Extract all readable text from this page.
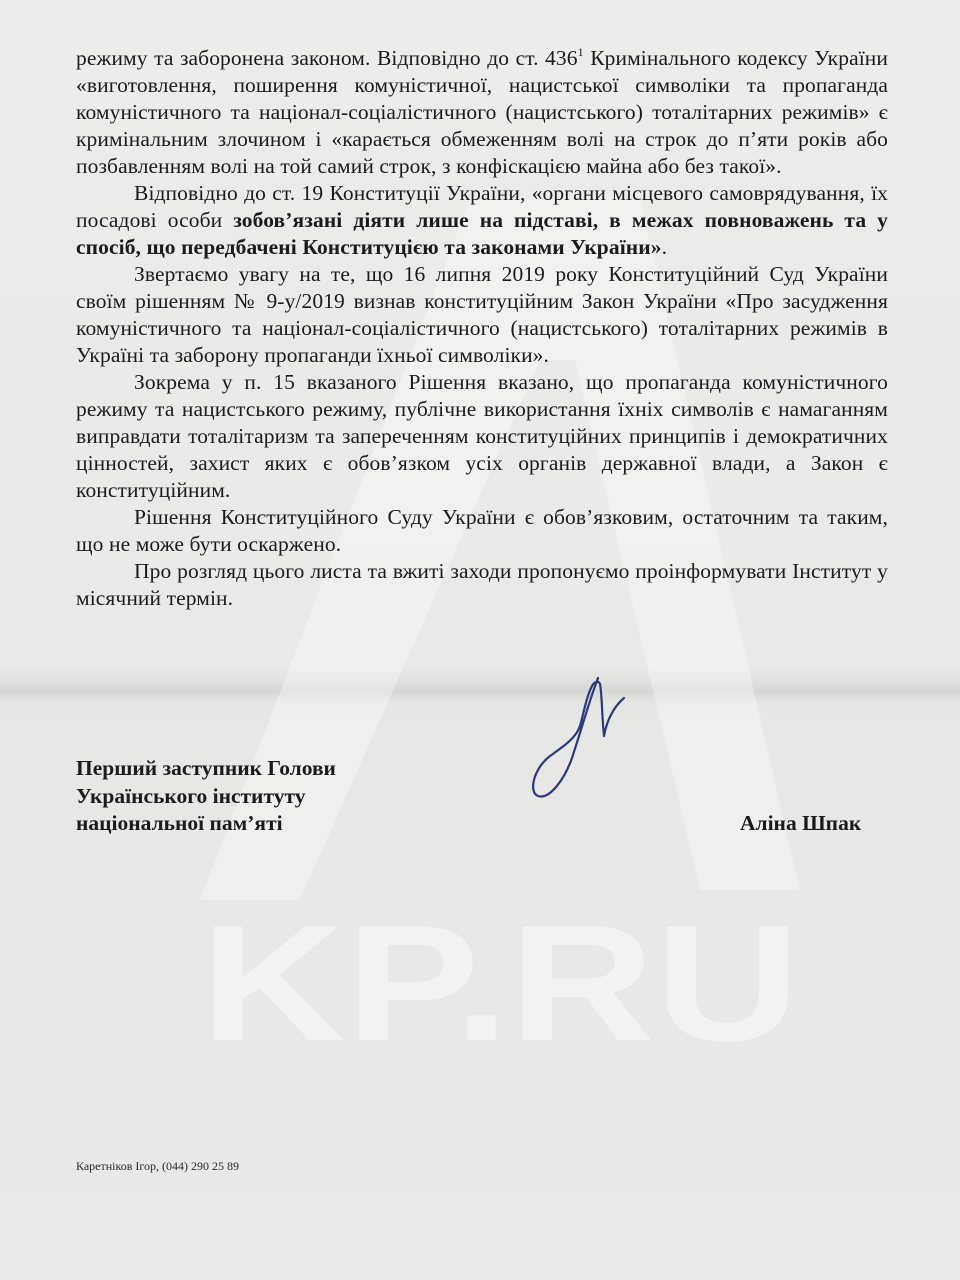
KP.RU

режиму та заборонена законом. Відповідно до ст. $436^1$ Кримінального кодексу України «виготовлення, поширення комуністичної, нацистської символіки та пропаганда комуністичного та націонал-соціалістичного (нацистського) тоталітарних режимів» є кримінальним злочином і «карається обмеженням волі на строк до п’яти років або позбавленням волі на той самий строк, з конфіскацією майна або без такої».

Відповідно до ст. 19 Конституції України, «органи місцевого самоврядування, їх посадові особи зобов’язані діяти лише на підставі, в межах повноважень та у спосіб, що передбачені Конституцією та законами України».

Звертаємо увагу на те, що 16 липня 2019 року Конституційний Суд України своїм рішенням № 9-у/2019 визнав конституційним Закон України «Про засудження комуністичного та націонал-соціалістичного (нацистського) тоталітарних режимів в Україні та заборону пропаганди їхньої символіки».

Зокрема у п. 15 вказаного Рішення вказано, що пропаганда комуністичного режиму та нацистського режиму, публічне використання їхніх символів є намаганням виправдати тоталітаризм та запереченням конституційних принципів і демократичних цінностей, захист яких є обов’язком усіх органів державної влади, а Закон є конституційним.

Рішення Конституційного Суду України є обов’язковим, остаточним та таким, що не може бути оскаржено.

Про розгляд цього листа та вжиті заходи пропонуємо проінформувати Інститут у місячний термін.

Перший заступник Голови
Українського інституту
національної пам’яті	Аліна Шпак
Каретніков Ігор, (044) 290 25 89
